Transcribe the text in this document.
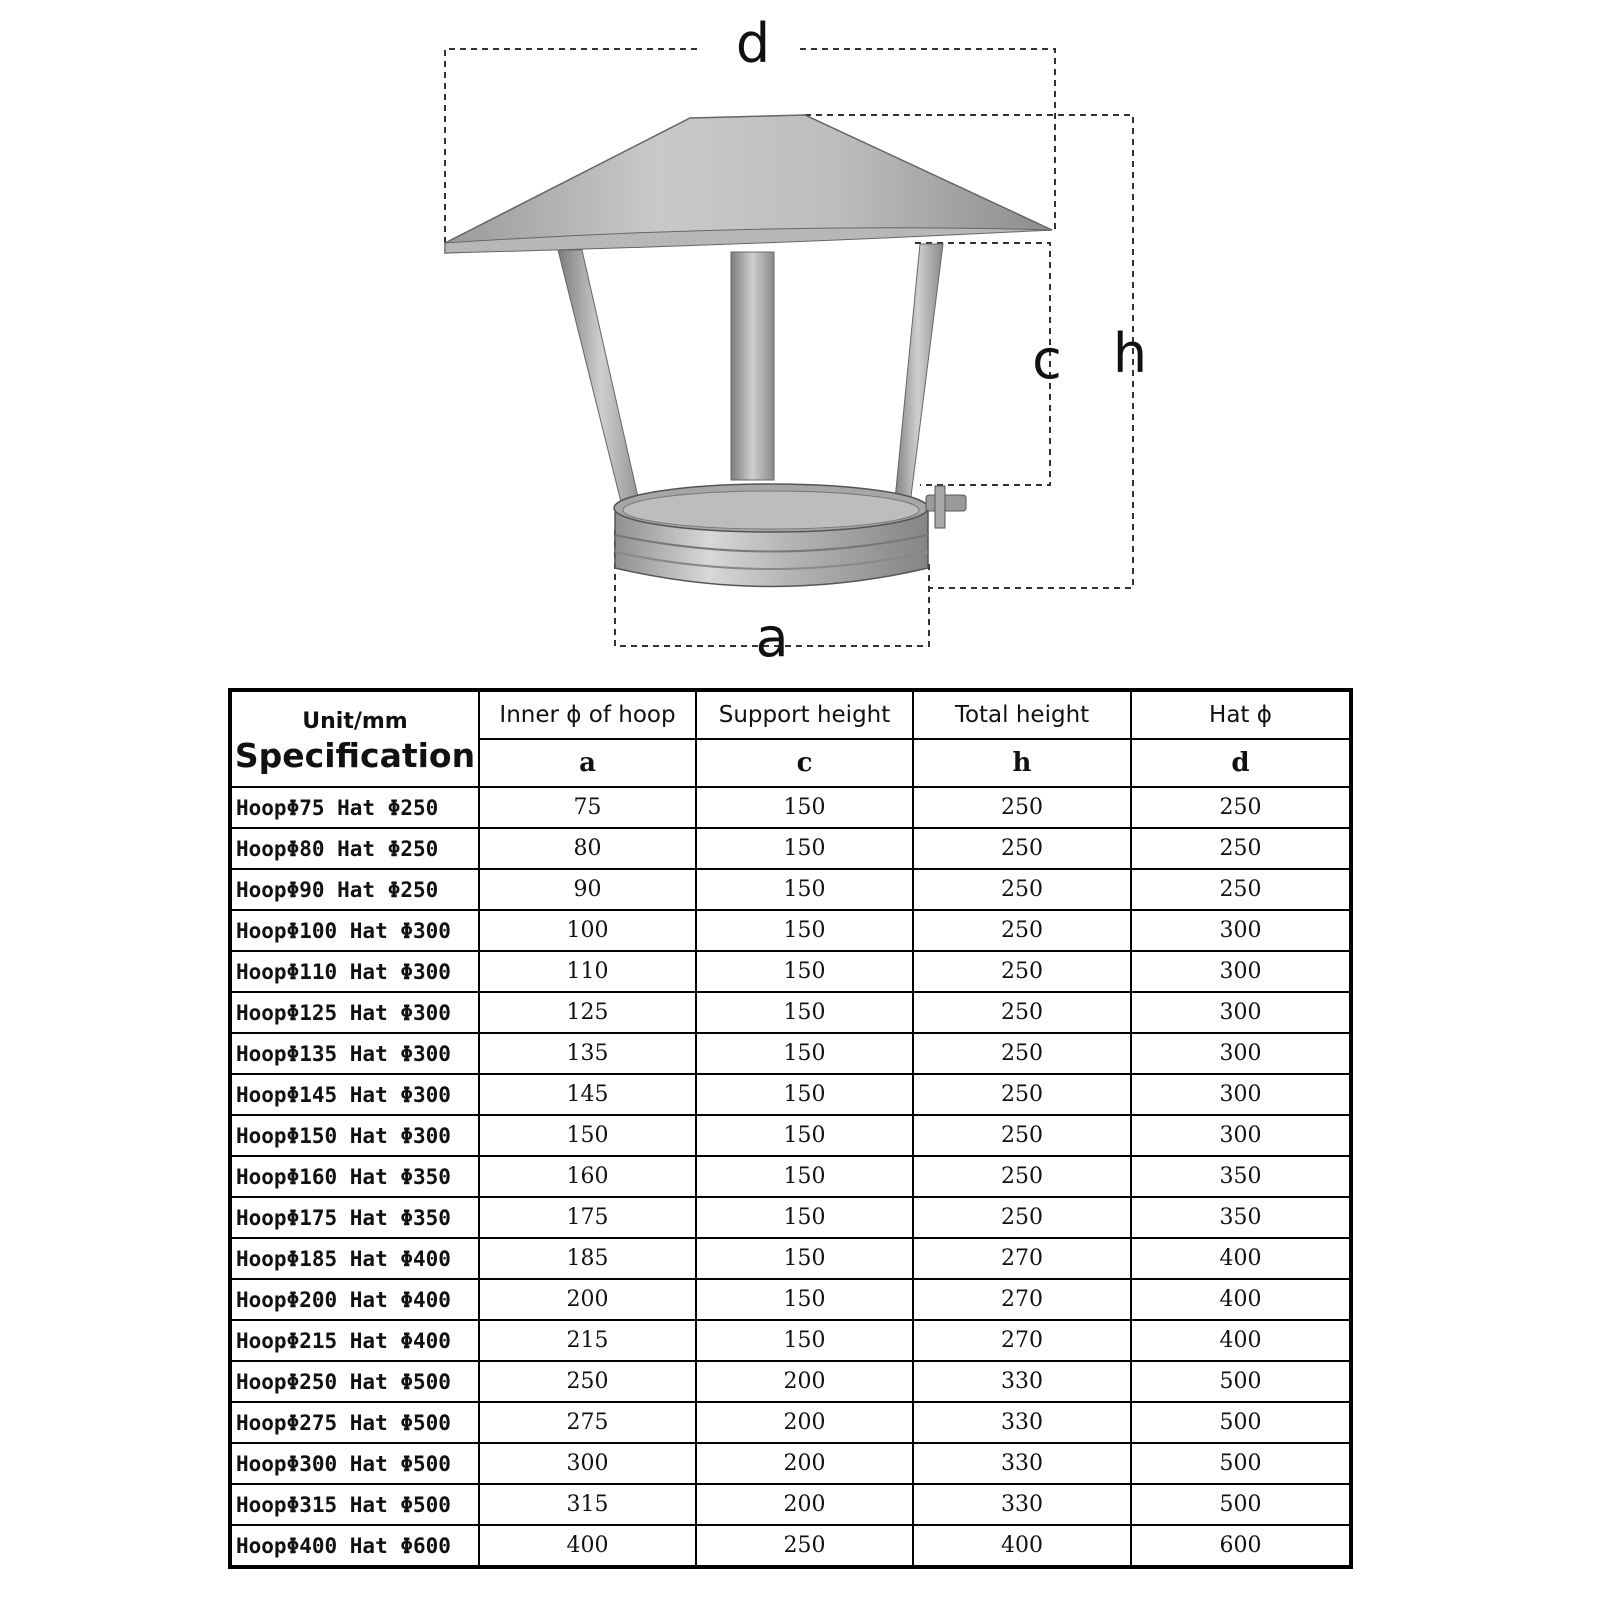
d
c h
a
Unit/mm
Specification	Inner ϕ of hoop	Support height	Total height	Hat ϕ
	a	c	h	d
HoopΦ75 Hat Φ250	75	150	250	250
HoopΦ80 Hat Φ250	80	150	250	250
HoopΦ90 Hat Φ250	90	150	250	250
HoopΦ100 Hat Φ300	100	150	250	300
HoopΦ110 Hat Φ300	110	150	250	300
HoopΦ125 Hat Φ300	125	150	250	300
HoopΦ135 Hat Φ300	135	150	250	300
HoopΦ145 Hat Φ300	145	150	250	300
HoopΦ150 Hat Φ300	150	150	250	300
HoopΦ160 Hat Φ350	160	150	250	350
HoopΦ175 Hat Φ350	175	150	250	350
HoopΦ185 Hat Φ400	185	150	270	400
HoopΦ200 Hat Φ400	200	150	270	400
HoopΦ215 Hat Φ400	215	150	270	400
HoopΦ250 Hat Φ500	250	200	330	500
HoopΦ275 Hat Φ500	275	200	330	500
HoopΦ300 Hat Φ500	300	200	330	500
HoopΦ315 Hat Φ500	315	200	330	500
HoopΦ400 Hat Φ600	400	250	400	600
